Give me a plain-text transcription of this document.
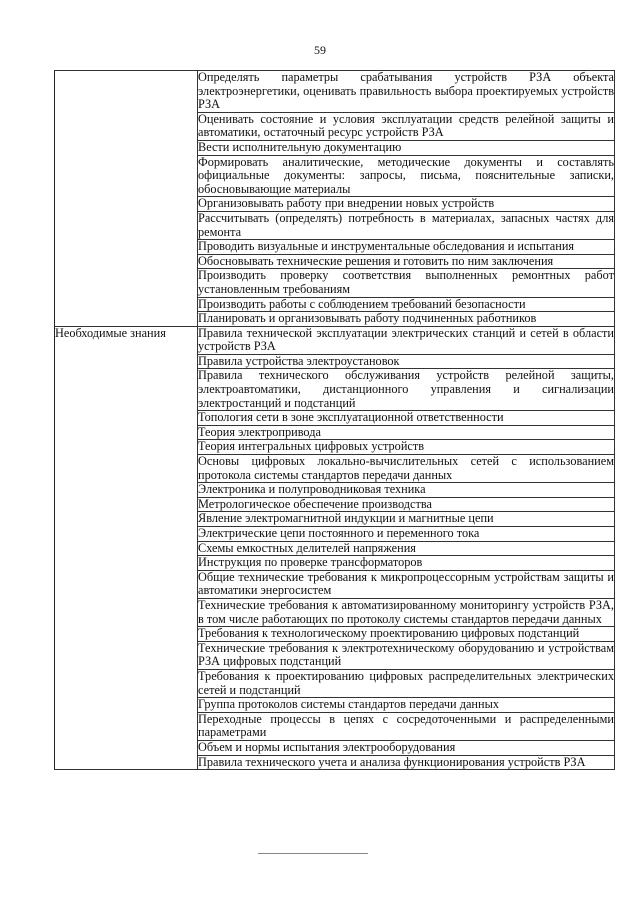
59
	Определять параметры срабатывания устройств РЗА объекта электроэнергетики, оценивать правильность выбора проектируемых устройств РЗА
	Оценивать состояние и условия эксплуатации средств релейной защиты и автоматики, остаточный ресурс устройств РЗА
	Вести исполнительную документацию
	Формировать аналитические, методические документы и составлять официальные документы: запросы, письма, пояснительные записки, обосновывающие материалы
	Организовывать работу при внедрении новых устройств
	Рассчитывать (определять) потребность в материалах, запасных частях для ремонта
	Проводить визуальные и инструментальные обследования и испытания
	Обосновывать технические решения и готовить по ним заключения
	Производить проверку соответствия выполненных ремонтных работ установленным требованиям
	Производить работы с соблюдением требований безопасности
	Планировать и организовывать работу подчиненных работников

Необходимые знания	Правила технической эксплуатации электрических станций и сетей в области устройств РЗА
	Правила устройства электроустановок
	Правила технического обслуживания устройств релейной защиты, электроавтоматики, дистанционного управления и сигнализации электростанций и подстанций
	Топология сети в зоне эксплуатационной ответственности
	Теория электропривода
	Теория интегральных цифровых устройств
	Основы цифровых локально-вычислительных сетей с использованием протокола системы стандартов передачи данных
	Электроника и полупроводниковая техника
	Метрологическое обеспечение производства
	Явление электромагнитной индукции и магнитные цепи
	Электрические цепи постоянного и переменного тока
	Схемы емкостных делителей напряжения
	Инструкция по проверке трансформаторов
	Общие технические требования к микропроцессорным устройствам защиты и автоматики энергосистем
	Технические требования к автоматизированному мониторингу устройств РЗА, в том числе работающих по протоколу системы стандартов передачи данных
	Требования к технологическому проектированию цифровых подстанций
	Технические требования к электротехническому оборудованию и устройствам РЗА цифровых подстанций
	Требования к проектированию цифровых распределительных электрических сетей и подстанций
	Группа протоколов системы стандартов передачи данных
	Переходные процессы в цепях с сосредоточенными и распределенными параметрами
	Объем и нормы испытания электрооборудования
	Правила технического учета и анализа функционирования устройств РЗА
